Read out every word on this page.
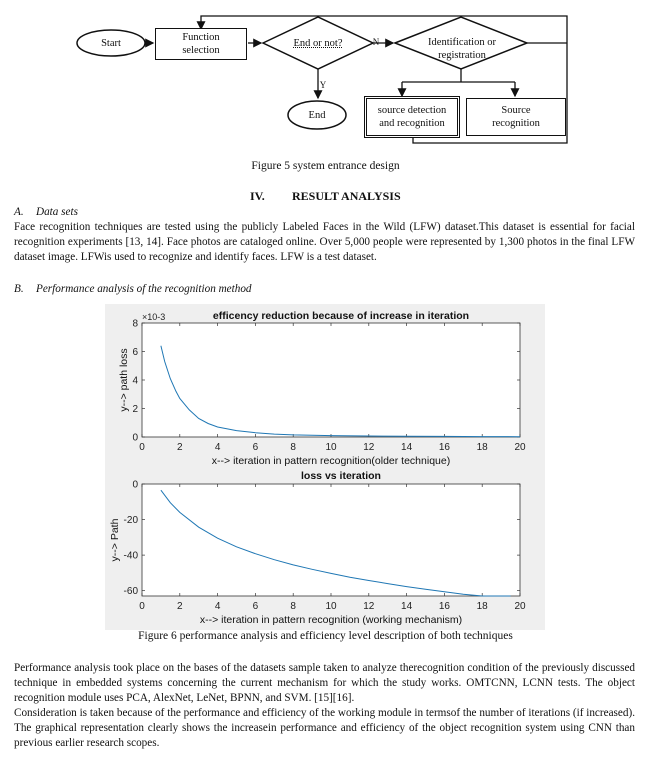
Start
Function selection
End or not?	N	Identification or registration
Y
End	source detection and recognition
Source recognition
Figure 5 system entrance design
IV. RESULT ANALYSIS
A. Data sets
Face recognition techniques are tested using the publicly Labeled Faces in the Wild (LFW) dataset.This dataset is essential for facial recognition experiments [13, 14]. Face photos are cataloged online. Over 5,000 people were represented by 1,300 photos in the final LFW dataset image. LFWis used to recognize and identify faces. LFW is a test dataset.
B. Performance analysis of the recognition method
efficency reduction because of increase in iteration
0	2	4	6	8	10	12	14	16	18	20
0
2
4
6
8
×10-3
x--> iteration in pattern recognition(older technique)
y--> path loss
loss vs iteration
0	2	4	6	8	10	12	14	16	18	20
0
-20
-40
-60
x--> iteration in pattern recognition (working mechanism)
y--> Path
Figure 6 performance analysis and efficiency level description of both techniques
Performance analysis took place on the bases of the datasets sample taken to analyze therecognition condition of the previously discussed technique in embedded systems concerning the current mechanism for which the study works. OMTCNN, LCNN tests. The object recognition module uses PCA, AlexNet, LeNet, BPNN, and SVM. [15][16].
Consideration is taken because of the performance and efficiency of the working module in termsof the number of iterations (if increased). The graphical representation clearly shows the increasein performance and efficiency of the object recognition system using CNN than previous earlier research scopes.
